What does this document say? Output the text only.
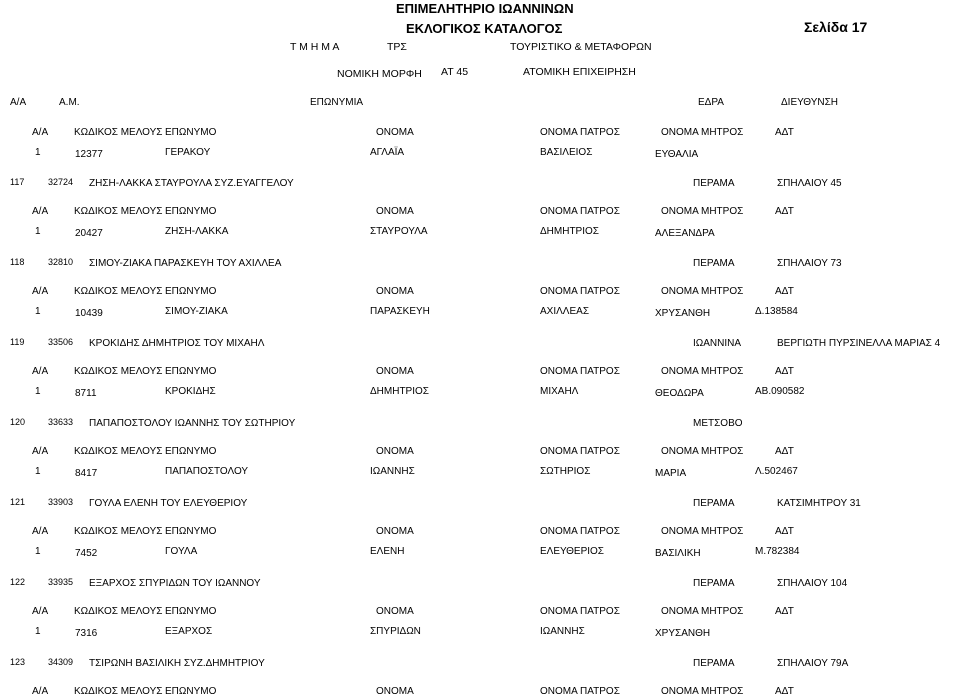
ΕΠΙΜΕΛΗΤΗΡΙΟ ΙΩΑΝΝΙΝΩΝ
ΕΚΛΟΓΙΚΟΣ ΚΑΤΑΛΟΓΟΣ	Σελίδα 17
Τ Μ Η Μ Α	ΤΡΣ	ΤΟΥΡΙΣΤΙΚΟ & ΜΕΤΑΦΟΡΩΝ
ΝΟΜΙΚΗ ΜΟΡΦΗ ΑΤ 45	ΑΤΟΜΙΚΗ ΕΠΙΧΕΙΡΗΣΗ
Α/Α	Α.Μ.	ΕΠΩΝΥΜΙΑ	ΕΔΡΑ	ΔΙΕΥΘΥΝΣΗ
Α/Α	ΚΩΔΙΚΟΣ ΜΕΛΟΥΣ ΕΠΩΝΥΜΟ	ΟΝΟΜΑ	ΟΝΟΜΑ ΠΑΤΡΟΣ	ΟΝΟΜΑ ΜΗΤΡΟΣ	ΑΔΤ
1	12377	ΓΕΡΑΚΟΥ	ΑΓΛΑΪΑ	ΒΑΣΙΛΕΙΟΣ	ΕΥΘΑΛΙΑ
117	32724 ΖΗΣΗ-ΛΑΚΚΑ ΣΤΑΥΡΟΥΛΑ ΣΥΖ.ΕΥΑΓΓΕΛΟΥ	ΠΕΡΑΜΑ	ΣΠΗΛΑΙΟΥ 45
Α/Α	ΚΩΔΙΚΟΣ ΜΕΛΟΥΣ ΕΠΩΝΥΜΟ	ΟΝΟΜΑ	ΟΝΟΜΑ ΠΑΤΡΟΣ	ΟΝΟΜΑ ΜΗΤΡΟΣ	ΑΔΤ
1	20427	ΖΗΣΗ-ΛΑΚΚΑ	ΣΤΑΥΡΟΥΛΑ	ΔΗΜΗΤΡΙΟΣ	ΑΛΕΞΑΝΔΡΑ
118	32810 ΣΙΜΟΥ-ΖΙΑΚΑ ΠΑΡΑΣΚΕΥΗ ΤΟΥ ΑΧΙΛΛΕΑ	ΠΕΡΑΜΑ	ΣΠΗΛΑΙΟΥ 73
Α/Α	ΚΩΔΙΚΟΣ ΜΕΛΟΥΣ ΕΠΩΝΥΜΟ	ΟΝΟΜΑ	ΟΝΟΜΑ ΠΑΤΡΟΣ	ΟΝΟΜΑ ΜΗΤΡΟΣ	ΑΔΤ
1	10439	ΣΙΜΟΥ-ΖΙΑΚΑ	ΠΑΡΑΣΚΕΥΗ	ΑΧΙΛΛΕΑΣ	ΧΡΥΣΑΝΘΗ	Δ.138584
119	33506 ΚΡΟΚΙΔΗΣ ΔΗΜΗΤΡΙΟΣ ΤΟΥ ΜΙΧΑΗΛ	ΙΩΑΝΝΙΝΑ	ΒΕΡΓΙΩΤΗ ΠΥΡΣΙΝΕΛΛΑ ΜΑΡΙΑΣ 4
Α/Α	ΚΩΔΙΚΟΣ ΜΕΛΟΥΣ ΕΠΩΝΥΜΟ	ΟΝΟΜΑ	ΟΝΟΜΑ ΠΑΤΡΟΣ	ΟΝΟΜΑ ΜΗΤΡΟΣ	ΑΔΤ
1	8711	ΚΡΟΚΙΔΗΣ	ΔΗΜΗΤΡΙΟΣ	ΜΙΧΑΗΛ	ΘΕΟΔΩΡΑ	ΑΒ.090582
120	33633 ΠΑΠΑΠΟΣΤΟΛΟΥ ΙΩΑΝΝΗΣ ΤΟΥ ΣΩΤΗΡΙΟΥ	ΜΕΤΣΟΒΟ
Α/Α	ΚΩΔΙΚΟΣ ΜΕΛΟΥΣ ΕΠΩΝΥΜΟ	ΟΝΟΜΑ	ΟΝΟΜΑ ΠΑΤΡΟΣ	ΟΝΟΜΑ ΜΗΤΡΟΣ	ΑΔΤ
1	8417	ΠΑΠΑΠΟΣΤΟΛΟΥ	ΙΩΑΝΝΗΣ	ΣΩΤΗΡΙΟΣ	ΜΑΡΙΑ	Λ.502467
121	33903 ΓΟΥΛΑ ΕΛΕΝΗ ΤΟΥ ΕΛΕΥΘΕΡΙΟΥ	ΠΕΡΑΜΑ	ΚΑΤΣΙΜΗΤΡΟΥ 31
Α/Α	ΚΩΔΙΚΟΣ ΜΕΛΟΥΣ ΕΠΩΝΥΜΟ	ΟΝΟΜΑ	ΟΝΟΜΑ ΠΑΤΡΟΣ	ΟΝΟΜΑ ΜΗΤΡΟΣ	ΑΔΤ
1	7452	ΓΟΥΛΑ	ΕΛΕΝΗ	ΕΛΕΥΘΕΡΙΟΣ	ΒΑΣΙΛΙΚΗ	Μ.782384
122	33935 ΕΞΑΡΧΟΣ ΣΠΥΡΙΔΩΝ ΤΟΥ ΙΩΑΝΝΟΥ	ΠΕΡΑΜΑ	ΣΠΗΛΑΙΟΥ 104
Α/Α	ΚΩΔΙΚΟΣ ΜΕΛΟΥΣ ΕΠΩΝΥΜΟ	ΟΝΟΜΑ	ΟΝΟΜΑ ΠΑΤΡΟΣ	ΟΝΟΜΑ ΜΗΤΡΟΣ	ΑΔΤ
1	7316	ΕΞΑΡΧΟΣ	ΣΠΥΡΙΔΩΝ	ΙΩΑΝΝΗΣ	ΧΡΥΣΑΝΘΗ
123	34309 ΤΣΙΡΩΝΗ ΒΑΣΙΛΙΚΗ ΣΥΖ.ΔΗΜΗΤΡΙΟΥ	ΠΕΡΑΜΑ	ΣΠΗΛΑΙΟΥ 79Α
Α/Α	ΚΩΔΙΚΟΣ ΜΕΛΟΥΣ ΕΠΩΝΥΜΟ	ΟΝΟΜΑ	ΟΝΟΜΑ ΠΑΤΡΟΣ	ΟΝΟΜΑ ΜΗΤΡΟΣ	ΑΔΤ
